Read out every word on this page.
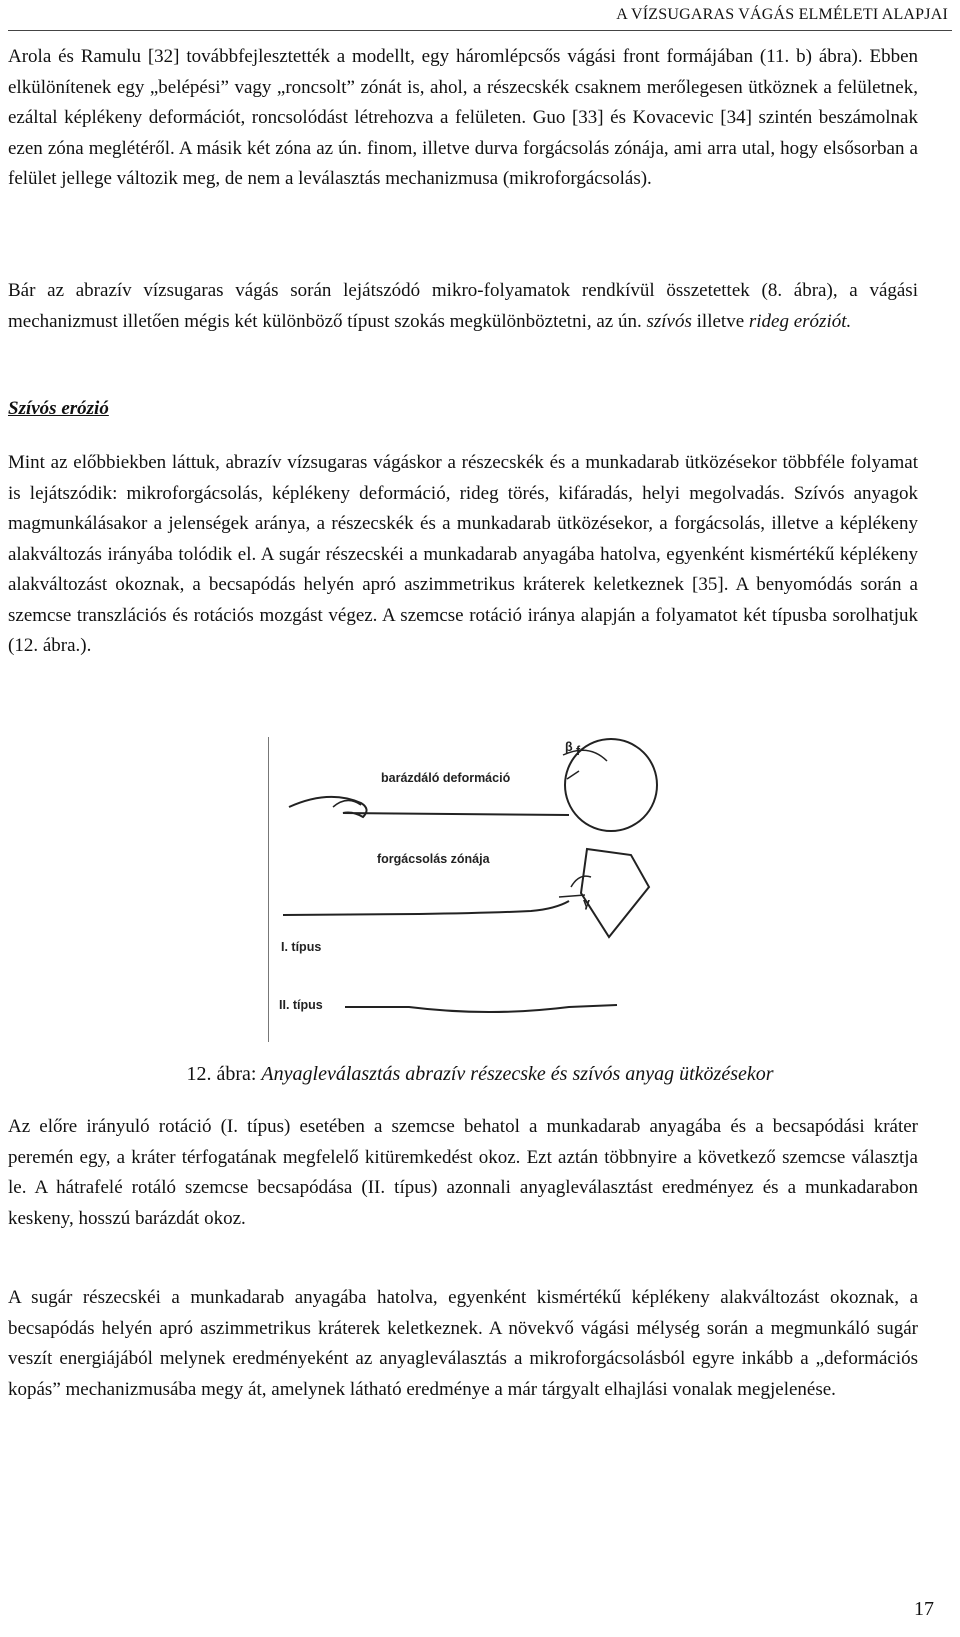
A VÍZSUGARAS VÁGÁS ELMÉLETI ALAPJAI

Arola és Ramulu [32] továbbfejlesztették a modellt, egy háromlépcsős vágási front formájában (11. b) ábra). Ebben elkülönítenek egy „belépési” vagy „roncsolt” zónát is, ahol, a részecskék csaknem merőlegesen ütköznek a felületnek, ezáltal képlékeny deformációt, roncsolódást létrehozva a felületen. Guo [33] és Kovacevic [34] szintén beszámolnak ezen zóna meglétéről. A másik két zóna az ún. finom, illetve durva forgácsolás zónája, ami arra utal, hogy elsősorban a felület jellege változik meg, de nem a leválasztás mechanizmusa (mikroforgácsolás).

Bár az abrazív vízsugaras vágás során lejátszódó mikro-folyamatok rendkívül összetettek (8. ábra), a vágási mechanizmust illetően mégis két különböző típust szokás megkülönböztetni, az ún. szívós illetve rideg eróziót.

Szívós erózió

Mint az előbbiekben láttuk, abrazív vízsugaras vágáskor a részecskék és a munkadarab ütközésekor többféle folyamat is lejátszódik: mikroforgácsolás, képlékeny deformáció, rideg törés, kifáradás, helyi megolvadás. Szívós anyagok magmunkálásakor a jelenségek aránya, a részecskék és a munkadarab ütközésekor, a forgácsolás, illetve a képlékeny alakváltozás irányába tolódik el. A sugár részecskéi a munkadarab anyagába hatolva, egyenként kismértékű képlékeny alakváltozást okoznak, a becsapódás helyén apró aszimmetrikus kráterek keletkeznek [35]. A benyomódás során a szemcse transzlációs és rotációs mozgást végez. A szemcse rotáció iránya alapján a folyamatot két típusba sorolhatjuk (12. ábra.).

β f
barázdáló deformáció
forgácsolás zónája
γ
I. típus
II. típus
12. ábra: Anyagleválasztás abrazív részecske és szívós anyag ütközésekor

Az előre irányuló rotáció (I. típus) esetében a szemcse behatol a munkadarab anyagába és a becsapódási kráter peremén egy, a kráter térfogatának megfelelő kitüremkedést okoz. Ezt aztán többnyire a következő szemcse választja le. A hátrafelé rotáló szemcse becsapódása (II. típus) azonnali anyagleválasztást eredményez és a munkadarabon keskeny, hosszú barázdát okoz.

A sugár részecskéi a munkadarab anyagába hatolva, egyenként kismértékű képlékeny alakváltozást okoznak, a becsapódás helyén apró aszimmetrikus kráterek keletkeznek. A növekvő vágási mélység során a megmunkáló sugár veszít energiájából melynek eredményeként az anyagleválasztás a mikroforgácsolásból egyre inkább a „deformációs kopás” mechanizmusába megy át, amelynek látható eredménye a már tárgyalt elhajlási vonalak megjelenése.

17
